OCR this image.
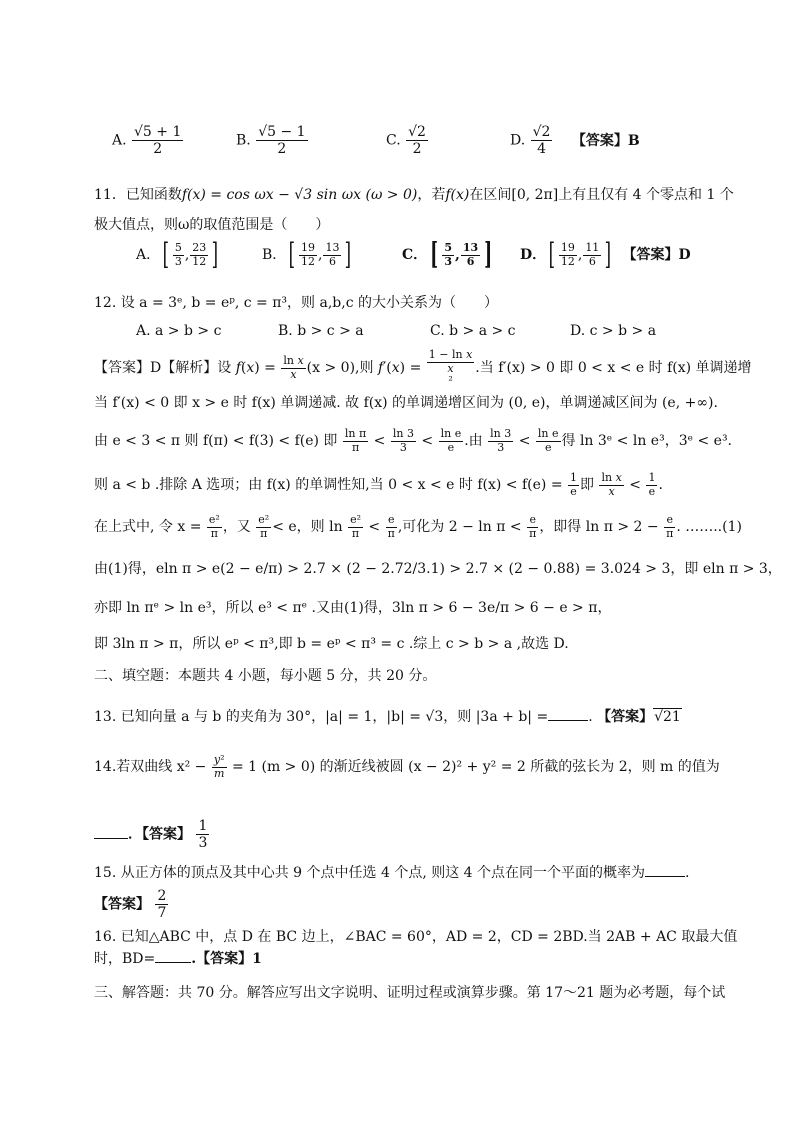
A. $\frac{√5 + 1}{2}$	B. $\frac{√5 - 1}{2}$	C. $\frac{√2}{2}$	D. $\frac{√2}{4}$ 【答案】B
11．已知函数f(x) = cos ωx − √3 sin ωx (ω > 0)，若f(x)在区间[0, 2π]上有且仅有 4 个零点和 1 个
极大值点，则ω的取值范围是（　　）
A．[ $\frac{5}{3}$ , $\frac{23}{12}$ ]	B．[ $\frac{19}{12}$ , $\frac{13}{6}$ ]	C． [ $\frac{5}{3}$ , $\frac{13}{6}$ ] D．[ $\frac{19}{12}$ , $\frac{11}{6}$ ] 【答案】D
12. 设 a = 3ᵉ, b = eᵖ, c = π³，则 a,b,c 的大小关系为（　　）
A. a > b > c	B. b > c > a	C. b > a > c	D. c > b > a
【答案】D【解析】设 $f(x) = \frac{\text{ln x}}{x} (x > 0)$,则 f′(x) =
1 − ln x
x
².当 f′(x) > 0 即 0 < x < e 时 f(x) 单调递增
当 f′(x) < 0 即 x > e 时 f(x) 单调递减. 故 f(x) 的单调递增区间为 (0, e)，单调递减区间为 (e, +∞).
由 e < 3 < π 则 f(π) < f(3) < f(e) 即 $\frac{\text{ln π}}{\pi} < \frac{\ln 3}{3} < \frac{\text{ln e}}{e}$ .由 $\frac{\ln 3}{3} < \frac{\text{ln e}}{e}$ 得 ln 3ᵉ < ln e³，3ᵉ < e³.
则 a < b .排除 A 选项；由 f(x) 的单调性知,当 0 < x < e 时 $f(x) < f(e) = \frac{1}{e}$ 即 $\frac{\text{ln x}}{x} < \frac{1}{e}$ .
在上式中, 令 $x = \frac{\text{e²}}{\pi}$ ，又 $\frac{\text{e²}}{\pi} < e$，则 $\ln \frac{\text{e²}}{\pi} < \frac{e}{\pi}$ ,可化为 $2 - \ln \pi < \frac{e}{\pi}$ ，即得 $\ln \pi > 2 - \frac{e}{\pi}$ . ……..(1)
由(1)得，eln π > e(2 − e/π) > 2.7 × (2 − 2.72/3.1) > 2.7 × (2 − 0.88) = 3.024 > 3，即 eln π > 3，
亦即 ln πᵉ > ln e³，所以 e³ < πᵉ .又由(1)得，3ln π > 6 − 3e/π > 6 − e > π，
即 3ln π > π，所以 eᵖ < π³,即 b = eᵖ < π³ = c .综上 c > b > a ,故选 D.
二、填空题：本题共 4 小题，每小题 5 分，共 20 分。
13. 已知向量 a 与 b 的夹角为 30°，|a| = 1，|b| = √3，则 |3a + b| =	. 【答案】√21
14.若双曲线 $x^2 - \frac{\text{y²}}{m} = 1$ (m > 0) 的渐近线被圆 (x − 2)² + y² = 2 所截的弦长为 2，则 m 的值为
．【答案】 $\frac{1}{3}$
15. 从正方体的顶点及其中心共 9 个点中任选 4 个点, 则这 4 个点在同一个平面的概率为	.
【答案】 $\frac{2}{7}$
16. 已知△ABC 中，点 D 在 BC 边上，∠BAC = 60°，AD = 2，CD = 2BD.当 2AB + AC 取最大值
时，BD=	.【答案】1
三、解答题：共 70 分。解答应写出文字说明、证明过程或演算步骤。第 17～21 题为必考题，每个试
